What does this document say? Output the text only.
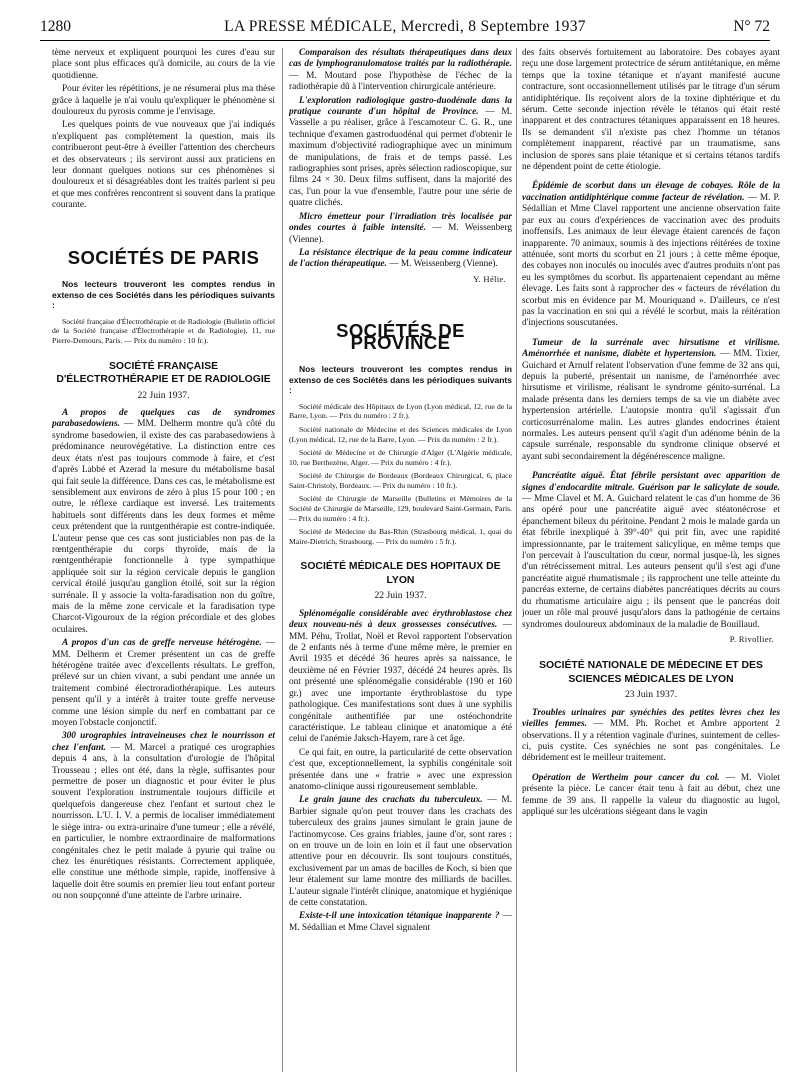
1280	LA PRESSE MÉDICALE, Mercredi, 8 Septembre 1937	N° 72

tème nerveux et expliquent pourquoi les cures d'eau sur place sont plus efficaces qu'à domicile, au cours de la vie quotidienne.

Pour éviter les répétitions, je ne résumerai plus ma thèse grâce à laquelle je n'ai voulu qu'expliquer le phénomène si douloureux du pyrosis comme je l'envisage.

Les quelques points de vue nouveaux que j'ai indiqués n'expliquent pas complètement la question, mais ils contribueront peut-être à éveiller l'attention des chercheurs et des observateurs ; ils serviront aussi aux praticiens en leur donnant quelques notions sur ces phénomènes si douloureux et si désagréables dont les traités parlent si peu et que mes confrères rencontrent si souvent dans la pratique courante.

SOCIÉTÉS DE PARIS

Nos lecteurs trouveront les comptes rendus in extenso de ces Sociétés dans les périodiques suivants :

Société française d'Électrothérapie et de Radiologie (Bulletin officiel de la Société française d'Électrothérapie et de Radiologie), 11, rue Pierre-Demours, Paris. — Prix du numéro : 10 fr.).

SOCIÉTÉ FRANÇAISE D'ÉLECTROTHÉRAPIE ET DE RADIOLOGIE
22 Juin 1937.

A propos de quelques cas de syndromes parabasedowiens. — MM. Delherm montre qu'à côté du syndrome basedowien, il existe des cas parabasedowiens à prédominance neurovégétative. La distinction entre ces deux états n'est pas toujours commode à faire, et c'est d'après Labbé et Azerad la mesure du métabolisme basal qui fait seule la différence. Dans ces cas, le métabolisme est sensiblement aux environs de zéro à plus 15 pour 100 ; en outre, le réflexe cardiaque est inversé. Les traitements habituels sont différents dans les deux formes et même ceux prétendent que la runtgenthérapie est contre-indiquée. L'auteur pense que ces cas sont justiciables non pas de la rœntgenthérapie du corps thyroïde, mais de la rœntgenthérapie fonctionnelle à type sympathique appliquée soit sur la région cervicale depuis le ganglion cervical étoilé jusqu'au ganglion étoilé, soit sur la région surrénale. Il y associe la volta-faradisation non du goître, mais de la même zone cervicale et la faradisation type Charcot-Vigouroux de la région précordiale et des globes oculaires.

A propos d'un cas de greffe nerveuse hétérogène. — MM. Delherm et Cremer présentent un cas de greffe hétérogène traitée avec d'excellents résultats. Le greffon, prélevé sur un chien vivant, a subi pendant une année un traitement combiné électroradiothérapique. Les auteurs pensent qu'il y a intérêt à traiter toute greffe nerveuse comme une lésion simple du nerf en combattant par ce moyen l'obstacle conjonctif.

300 urographies intraveineuses chez le nourrisson et chez l'enfant. — M. Marcel a pratiqué ces urographies depuis 4 ans, à la consultation d'urologie de l'hôpital Trousseau ; elles ont été, dans la règle, suffisantes pour permettre de poser un diagnostic et pour éviter le plus souvent l'exploration instrumentale toujours difficile et quelquefois dangereuse chez l'enfant et surtout chez le nourrisson. L'U. I. V. a permis de localiser immédiatement le siège intra- ou extra-urinaire d'une tumeur ; elle a révélé, en particulier, le nombre extraordinaire de malformations congénitales chez le petit malade à pyurie qui traîne ou chez les énurétiques résistants. Correctement appliquée, elle constitue une méthode simple, rapide, inoffensive à laquelle doit être soumis en premier lieu tout enfant porteur ou non soupçonné d'une atteinte de l'arbre urinaire.

Comparaison des résultats thérapeutiques dans deux cas de lymphogranulomatose traités par la radiothérapie. — M. Moutard pose l'hypothèse de l'échec de la radiothérapie dû à l'intervention chirurgicale antérieure.

L'exploration radiologique gastro-duodénale dans la pratique courante d'un hôpital de Province. — M. Vasselle a pu réaliser, grâce à l'escamoteur C. G. R., une technique d'examen gastroduodénal qui permet d'obtenir le maximum d'objectivité radiographique avec un minimum de manipulations, de frais et de temps passé. Les radiographies sont prises, après sélection radioscopique, sur films 24 × 30. Deux films suffisent, dans la majorité des cas, l'un pour la vue d'ensemble, l'autre pour une série de quatre clichés.

Micro émetteur pour l'irradiation très localisée par ondes courtes à faible intensité. — M. Weissenberg (Vienne).

La résistance électrique de la peau comme indicateur de l'action thérapeutique. — M. Weissenberg (Vienne).

Y. Hélie.
SOCIÉTÉS DE PROVINCE

Nos lecteurs trouveront les comptes rendus in extenso de ces Sociétés dans les périodiques suivants :

Société médicale des Hôpitaux de Lyon (Lyon médical, 12, rue de la Barre, Lyon. — Prix du numéro : 2 fr.).

Société nationale de Médecine et des Sciences médicales de Lyon (Lyon médical, 12, rue de la Barre, Lyon. — Prix du numéro : 2 fr.).

Société de Médecine et de Chirurgie d'Alger (L'Algérie médicale, 10, rue Berthezène, Alger. — Prix du numéro : 4 fr.).

Société de Chirurgie de Bordeaux (Bordeaux Chirurgical, 6, place Saint-Christoly, Bordeaux. — Prix du numéro : 10 fr.).

Société de Chirurgie de Marseille (Bulletins et Mémoires de la Société de Chirurgie de Marseille, 129, boulevard Saint-Germain, Paris. — Prix du numéro : 4 fr.).

Société de Médecine du Bas-Rhin (Strasbourg médical, 1, quai du Maire-Dietrich, Strasbourg. — Prix du numéro : 5 fr.).

SOCIÉTÉ MÉDICALE DES HOPITAUX DE LYON
22 Juin 1937.

Splénomégalie considérable avec érythroblastose chez deux nouveau-nés à deux grossesses consécutives. — MM. Péhu, Trollat, Noël et Revol rapportent l'observation de 2 enfants nés à terme d'une même mère, le premier en Avril 1935 et décédé 36 heures après sa naissance, le deuxième né en Février 1937, décédé 24 heures après. Ils ont présenté une splénomégalie considérable (190 et 160 gr.) avec une importante érythroblastose du type pathologique. Ces manifestations sont dues à une syphilis congénitale authentifiée par une ostéochondrite caractéristique. Le tableau clinique et anatomique a été celui de l'anémie Jaksch-Hayem, rare à cet âge.

Ce qui fait, en outre, la particularité de cette observation c'est que, exceptionnellement, la syphilis congénitale soit présentée dans une « fratrie » avec une expression anatomo-clinique aussi rigoureusement semblable.

Le grain jaune des crachats du tuberculeux. — M. Barbier signale qu'on peut trouver dans les crachats des tuberculeux des grains jaunes simulant le grain jaune de l'actinomycose. Ces grains friables, jaune d'or, sont rares : on en trouve un de loin en loin et il faut une observation attentive pour en découvrir. Ils sont toujours constitués, exclusivement par un amas de bacilles de Koch, si bien que leur étalement sur lame montre des milliards de bacilles. L'auteur signale l'intérêt clinique, anatomique et hygiénique de cette constatation.

Existe-t-il une intoxication tétanique inapparente ? — M. Sédallian et Mme Clavel signalent

des faits observés fortuitement au laboratoire. Des cobayes ayant reçu une dose largement protectrice de sérum antitétanique, en même temps que la toxine tétanique et n'ayant manifesté aucune contracture, sont occasionnellement utilisés par le titrage d'un sérum antidiphtérique. Ils reçoivent alors de la toxine diphtérique et du sérum. Cette seconde injection révèle le tétanos qui était resté inapparent et des contractures tétaniques apparaissent en 18 heures. Ils se demandent s'il n'existe pas chez l'homme un tétanos complètement inapparent, réactivé par un traumatisme, sans inclusion de spores sans plaie tétanique et si certains tétanos tardifs ne dépendent point de cette étiologie.

Épidémie de scorbut dans un élevage de cobayes. Rôle de la vaccination antidiphtérique comme facteur de révélation. — M. P. Sédallian et Mme Clavel rapportent une ancienne observation faite par eux au cours d'expériences de vaccination avec des produits inoffensifs. Les animaux de leur élevage étaient carencés de façon inapparente. 70 animaux, soumis à des injections réitérées de toxine atténuée, sont morts du scorbut en 21 jours ; à cette même époque, des cobayes non inoculés ou inoculés avec d'autres produits n'ont pas eu les symptômes du scorbut. Ils appartenaient cependant au même élevage. Les faits sont à rapprocher des « facteurs de révélation du scorbut mis en évidence par M. Mouriquand ». D'ailleurs, ce n'est pas la vaccination en soi qui a révélé le scorbut, mais la réitération d'injections souscutanées.

Tumeur de la surrénale avec hirsutisme et virilisme. Aménorrhée et nanisme, diabète et hypertension. — MM. Tixier, Guichard et Arnulf relatent l'observation d'une femme de 32 ans qui, depuis la puberté, présentait un nanisme, de l'aménorrhée avec hirsutisme et virilisme, réalisant le syndrome génito-surrénal. La malade présenta dans les derniers temps de sa vie un diabète avec hypertension artérielle. L'autopsie montra qu'il s'agissait d'un corticosurrénalome malin. Les autres glandes endocrines étaient normales. Les auteurs pensent qu'il s'agit d'un adénome bénin de la capsule surrénale, responsable du syndrome clinique observé et ayant subi secondairement la dégénérescence maligne.

Pancréatite aiguë. État fébrile persistant avec apparition de signes d'endocardite mitrale. Guérison par le salicylate de soude. — Mme Clavel et M. A. Guichard relatent le cas d'un homme de 36 ans opéré pour une pancréatite aiguë avec stéatonécrose et épanchement bileux du péritoine. Pendant 2 mois le malade garda un état fébrile inexpliqué à 39°-40° qui prit fin, avec une rapidité impressionnante, par le traitement salicylique, en même temps que l'on percevait à l'auscultation du cœur, normal jusque-là, les signes d'un rétrécissement mitral. Les auteurs pensent qu'il s'est agi d'une pancréatite aiguë rhumatismale ; ils rapprochent une telle atteinte du pancréas externe, de certains diabètes pancréatiques décrits au cours du rhumatisme articulaire aigu ; ils pensent que le pancréas doit jouer un rôle mal prouvé jusqu'alors dans la pathogénie de certains syndromes douloureux abdominaux de la maladie de Bouillaud.

P. Rivollier.
SOCIÉTÉ NATIONALE DE MÉDECINE ET DES SCIENCES MÉDICALES DE LYON
23 Juin 1937.

Troubles urinaires par synéchies des petites lèvres chez les vieilles femmes. — MM. Ph. Rochet et Ambre apportent 2 observations. Il y a rétention vaginale d'urines, suintement de celles-ci, puis cystite. Ces synéchies ne sont pas congénitales. Le débridement est le meilleur traitement.

Opération de Wertheim pour cancer du col. — M. Violet présente la pièce. Le cancer était tenu à fait au début, chez une femme de 39 ans. Il rappelle la valeur du diagnostic au lugol, appliqué sur les ulcérations siégeant dans le vagin
